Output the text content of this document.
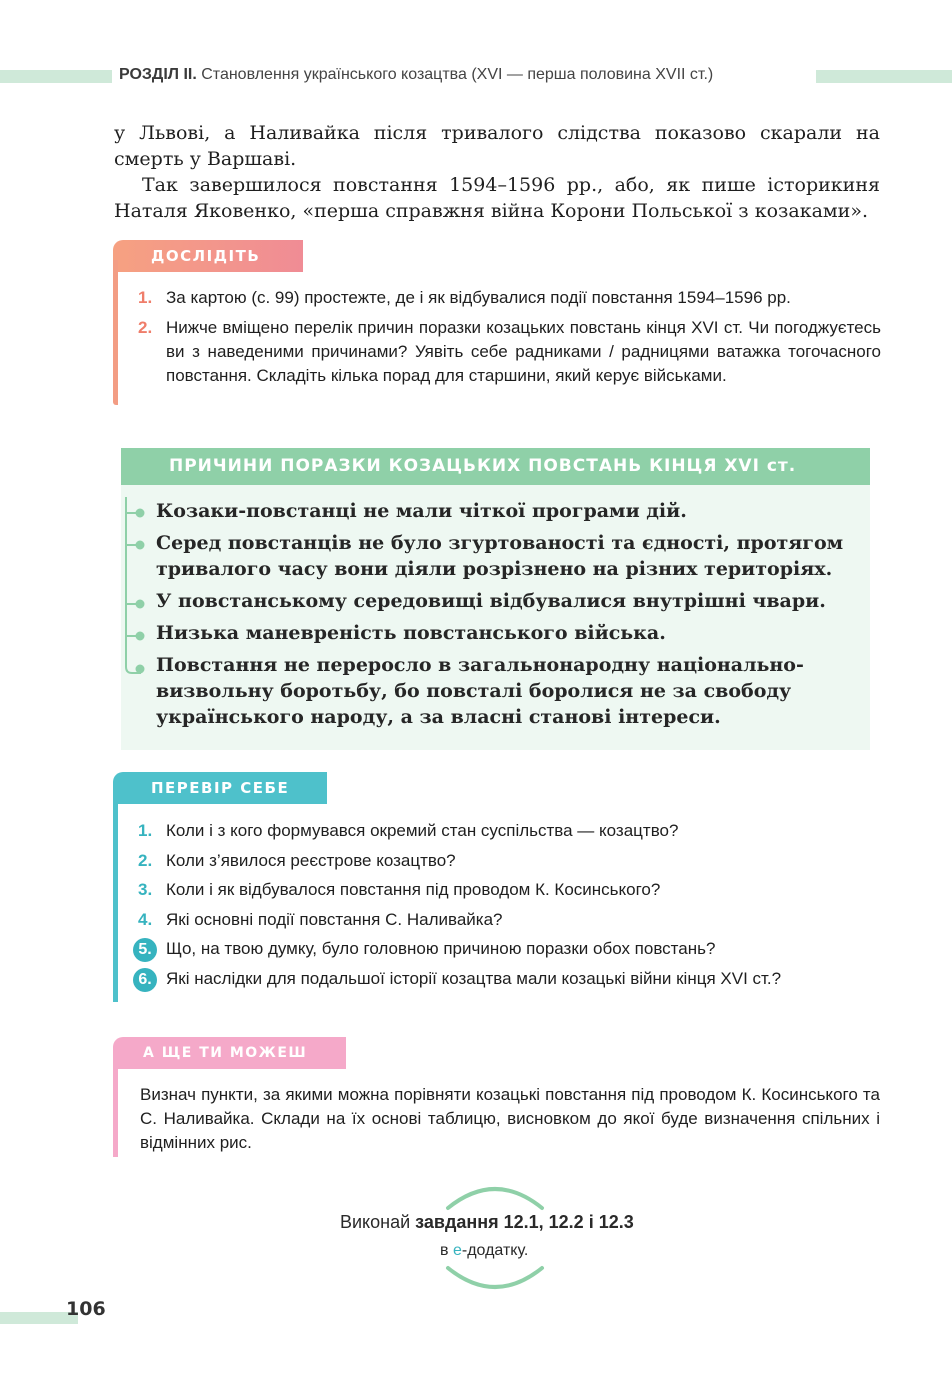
РОЗДІЛ ІІ. Становлення українського козацтва (XVI — перша половина XVII ст.)

у Львові, а Наливайка після тривалого слідства показово скарали на смерть у Варшаві.

Так завершилося повстання 1594–1596 рр., або, як пише історикиня Наталя Яковенко, «перша справжня війна Корони Польської з козаками».

ДОСЛІДІТЬ
1. За картою (с. 99) простежте, де і як відбувалися події повстання 1594–1596 рр.
2. Нижче вміщено перелік причин поразки козацьких повстань кінця XVI ст. Чи погоджуєтесь ви з наведеними причинами? Уявіть себе радниками / радницями ватажка тогочасного повстання. Складіть кілька порад для старшини, який керує військами.
ПРИЧИНИ ПОРАЗКИ КОЗАЦЬКИХ ПОВСТАНЬ КІНЦЯ XVI ст.
Козаки-повстанці не мали чіткої програми дій.
Серед повстанців не було згуртованості та єдності, протягом тривалого часу вони діяли розрізнено на різних територіях.
У повстанському середовищі відбувалися внутрішні чвари.
Низька маневреність повстанського війська.
Повстання не переросло в загальнонародну національно-визвольну боротьбу, бо повсталі боролися не за свободу українського народу, а за власні станові інтереси.
ПЕРЕВІР СЕБЕ
1. Коли і з кого формувався окремий стан суспільства — козацтво?
2. Коли з’явилося реєстрове козацтво?
3. Коли і як відбувалося повстання під проводом К. Косинського?
4. Які основні події повстання С. Наливайка?
5. Що, на твою думку, було головною причиною поразки обох повстань?
6. Які наслідки для подальшої історії козацтва мали козацькі війни кінця XVI ст.?
А ЩЕ ТИ МОЖЕШ
Визнач пункти, за якими можна порівняти козацькі повстання під проводом К. Косинського та С. Наливайка. Склади на їх основі таблицю, висновком до якої буде визначення спільних і відмінних рис.
Виконай завдання 12.1, 12.2 і 12.3
в е-додатку.
106
